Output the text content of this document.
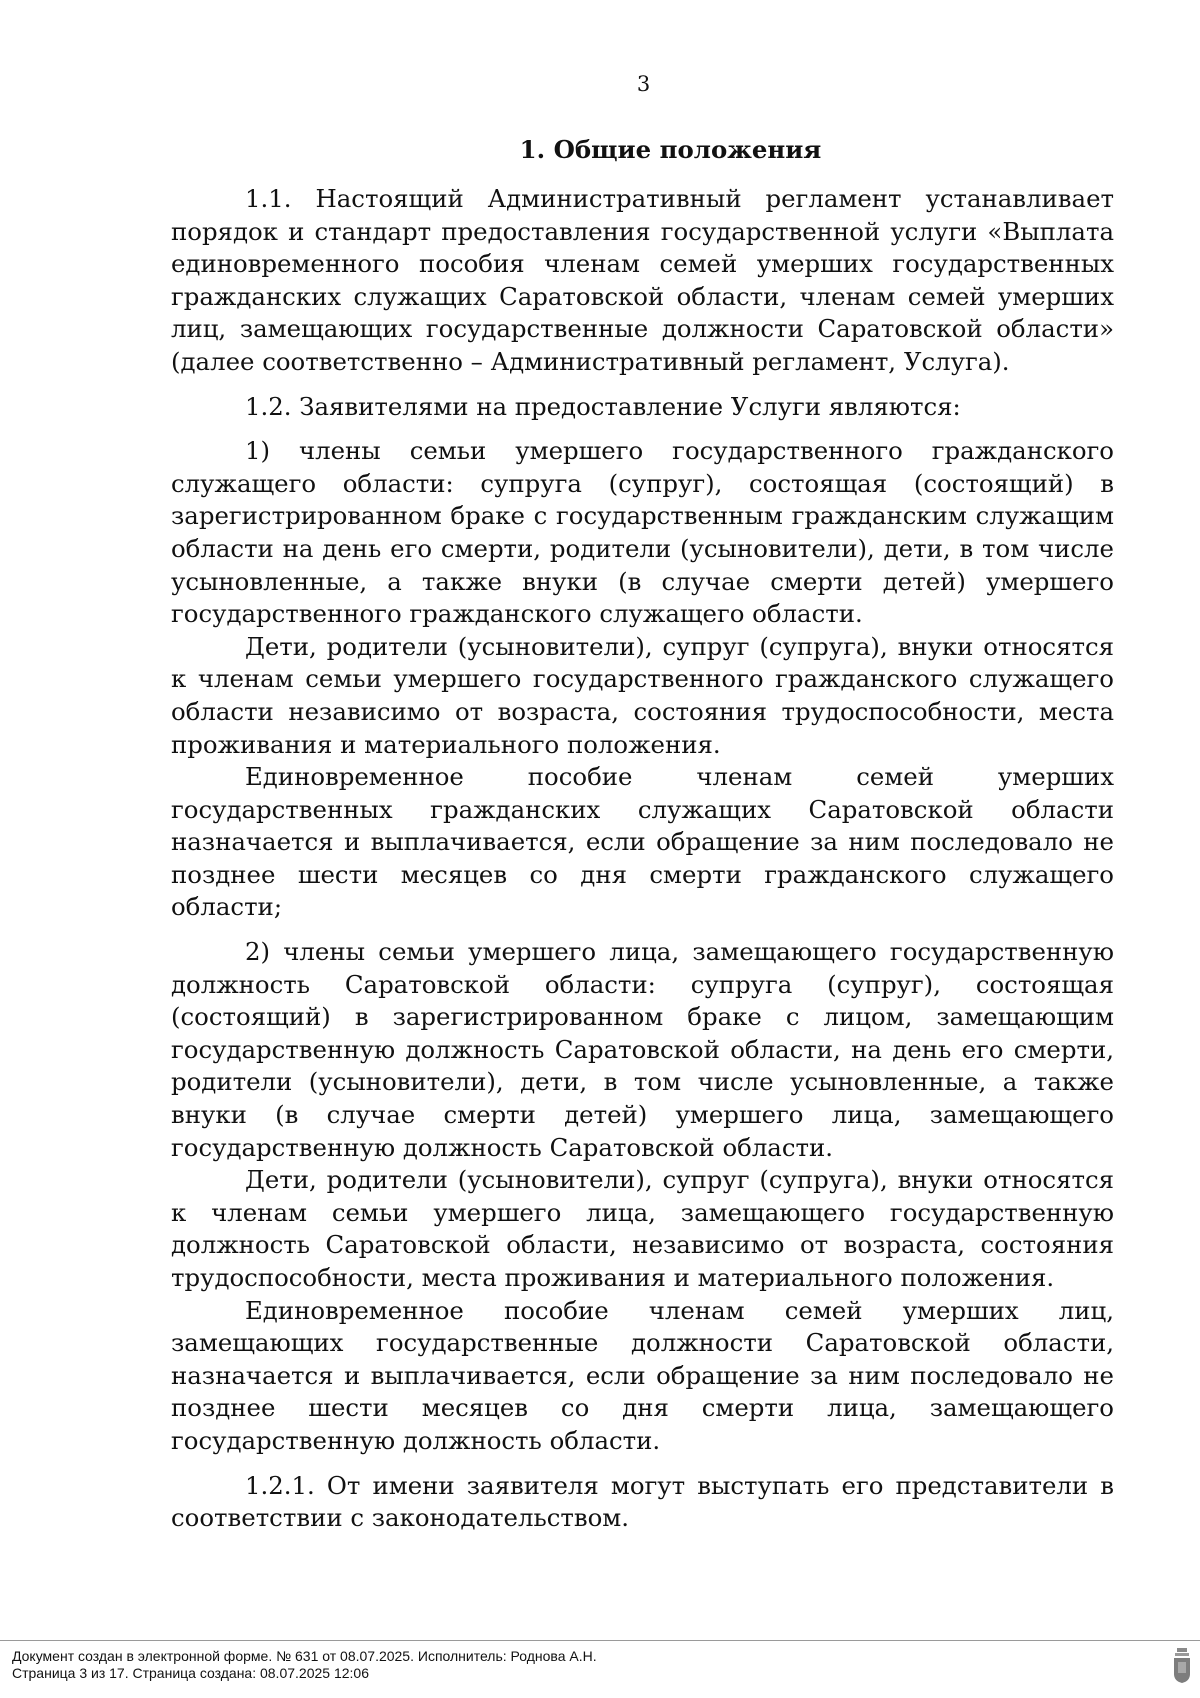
3
1. Общие положения

1.1. Настоящий Административный регламент устанавливает порядок и стандарт предоставления государственной услуги «Выплата единовременного пособия членам семей умерших государственных гражданских служащих Саратовской области, членам семей умерших лиц, замещающих государственные должности Саратовской области» (далее соответственно – Административный регламент, Услуга).

1.2. Заявителями на предоставление Услуги являются:

1) члены семьи умершего государственного гражданского служащего области: супруга (супруг), состоящая (состоящий) в зарегистрированном браке с государственным гражданским служащим области на день его смерти, родители (усыновители), дети, в том числе усыновленные, а также внуки (в случае смерти детей) умершего государственного гражданского служащего области.

Дети, родители (усыновители), супруг (супруга), внуки относятся к членам семьи умершего государственного гражданского служащего области независимо от возраста, состояния трудоспособности, места проживания и материального положения.

Единовременное пособие членам семей умерших государственных гражданских служащих Саратовской области назначается и выплачивается, если обращение за ним последовало не позднее шести месяцев со дня смерти гражданского служащего области;

2) члены семьи умершего лица, замещающего государственную должность Саратовской области: супруга (супруг), состоящая (состоящий) в зарегистрированном браке с лицом, замещающим государственную должность Саратовской области, на день его смерти, родители (усыновители), дети, в том числе усыновленные, а также внуки (в случае смерти детей) умершего лица, замещающего государственную должность Саратовской области.

Дети, родители (усыновители), супруг (супруга), внуки относятся к членам семьи умершего лица, замещающего государственную должность Саратовской области, независимо от возраста, состояния трудоспособности, места проживания и материального положения.

Единовременное пособие членам семей умерших лиц, замещающих государственные должности Саратовской области, назначается и выплачивается, если обращение за ним последовало не позднее шести месяцев со дня смерти лица, замещающего государственную должность области.

1.2.1. От имени заявителя могут выступать его представители в соответствии с законодательством.

Документ создан в электронной форме. № 631 от 08.07.2025. Исполнитель: Роднова А.Н.
Страница 3 из 17. Страница создана: 08.07.2025 12:06
